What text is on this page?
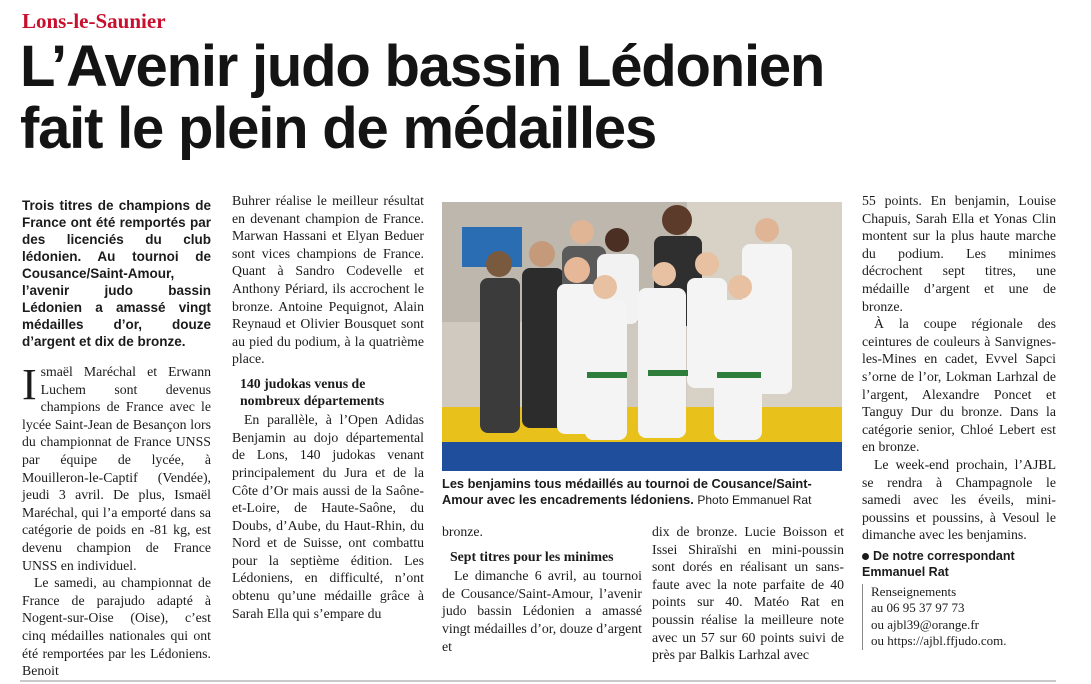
Lons-le-Saunier
L’Avenir judo bassin Lédonien
fait le plein de médailles

Trois titres de champions de France ont été remportés par des licenciés du club lédonien. Au tournoi de Cousance/Saint-Amour, l’avenir judo bassin Lédonien a amassé vingt médailles d’or, douze d’argent et dix de bronze.

Ismaël Maréchal et Erwann Luchem sont devenus champions de France avec le lycée Saint-Jean de Besançon lors du championnat de France UNSS par équipe de lycée, à Mouilleron-le-Captif (Vendée), jeudi 3 avril. De plus, Ismaël Maréchal, qui l’a emporté dans sa catégorie de poids en -81 kg, est devenu champion de France UNSS en individuel.

Le samedi, au championnat de France de parajudo adapté à Nogent-sur-Oise (Oise), c’est cinq médailles nationales qui ont été remportées par les Lédoniens. Benoit

Buhrer réalise le meilleur résultat en devenant champion de France. Marwan Hassani et Elyan Beduer sont vices champions de France. Quant à Sandro Codevelle et Anthony Périard, ils accrochent le bronze. Antoine Pequignot, Alain Reynaud et Olivier Bousquet sont au pied du podium, à la quatrième place.

140 judokas venus de nombreux départements

En parallèle, à l’Open Adidas Benjamin au dojo départemental de Lons, 140 judokas venant principalement du Jura et de la Côte d’Or mais aussi de la Saône-et-Loire, de Haute-Saône, du Doubs, d’Aube, du Haut-Rhin, du Nord et de Suisse, ont combattu pour la septième édition. Les Lédoniens, en difficulté, n’ont obtenu qu’une médaille grâce à Sarah Ella qui s’empare du

Les benjamins tous médaillés au tournoi de Cousance/Saint-Amour avec les encadrements lédoniens. Photo Emmanuel Rat

bronze.

Sept titres pour les minimes

Le dimanche 6 avril, au tournoi de Cousance/Saint-Amour, l’avenir judo bassin Lédonien a amassé vingt médailles d’or, douze d’argent et

dix de bronze. Lucie Boisson et Issei Shiraïshi en mini-poussin sont dorés en réalisant un sans-faute avec la note parfaite de 40 points sur 40. Matéo Rat en poussin réalise la meilleure note avec un 57 sur 60 points suivi de près par Balkis Larhzal avec

55 points. En benjamin, Louise Chapuis, Sarah Ella et Yonas Clin montent sur la plus haute marche du podium. Les minimes décrochent sept titres, une médaille d’argent et une de bronze.

À la coupe régionale des ceintures de couleurs à Sanvignes-les-Mines en cadet, Evvel Sapci s’orne de l’or, Lokman Larhzal de l’argent, Alexandre Poncet et Tanguy Dur du bronze. Dans la catégorie senior, Chloé Lebert est en bronze.

Le week-end prochain, l’AJBL se rendra à Champagnole le samedi avec les éveils, mini-poussins et poussins, à Vesoul le dimanche avec les benjamins.

De notre correspondant

Emmanuel Rat

Renseignements
au 06 95 37 97 73
ou ajbl39@orange.fr
ou https://ajbl.ffjudo.com.
